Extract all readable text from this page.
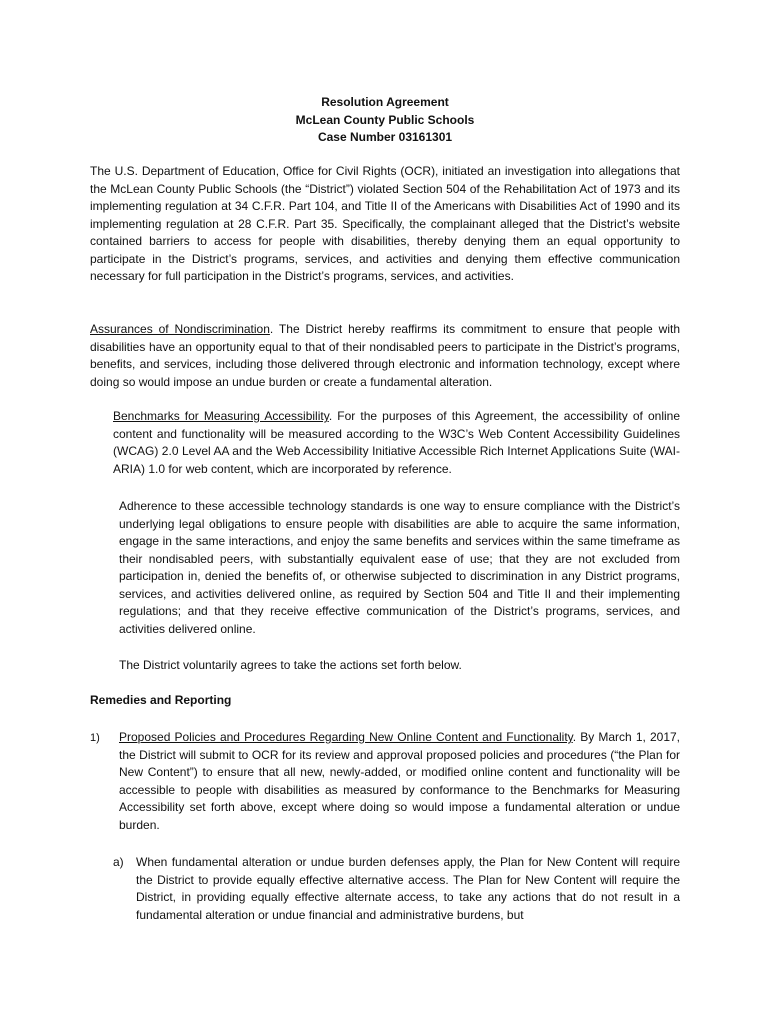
Resolution Agreement
McLean County Public Schools
Case Number 03161301

The U.S. Department of Education, Office for Civil Rights (OCR), initiated an investigation into allegations that the McLean County Public Schools (the “District”) violated Section 504 of the Rehabilitation Act of 1973 and its implementing regulation at 34 C.F.R. Part 104, and Title II of the Americans with Disabilities Act of 1990 and its implementing regulation at 28 C.F.R. Part 35. Specifically, the complainant alleged that the District’s website contained barriers to access for people with disabilities, thereby denying them an equal opportunity to participate in the District’s programs, services, and activities and denying them effective communication necessary for full participation in the District’s programs, services, and activities.

Assurances of Nondiscrimination. The District hereby reaffirms its commitment to ensure that people with disabilities have an opportunity equal to that of their nondisabled peers to participate in the District’s programs, benefits, and services, including those delivered through electronic and information technology, except where doing so would impose an undue burden or create a fundamental alteration.

Benchmarks for Measuring Accessibility. For the purposes of this Agreement, the accessibility of online content and functionality will be measured according to the W3C’s Web Content Accessibility Guidelines (WCAG) 2.0 Level AA and the Web Accessibility Initiative Accessible Rich Internet Applications Suite (WAI-ARIA) 1.0 for web content, which are incorporated by reference.

Adherence to these accessible technology standards is one way to ensure compliance with the District’s underlying legal obligations to ensure people with disabilities are able to acquire the same information, engage in the same interactions, and enjoy the same benefits and services within the same timeframe as their nondisabled peers, with substantially equivalent ease of use; that they are not excluded from participation in, denied the benefits of, or otherwise subjected to discrimination in any District programs, services, and activities delivered online, as required by Section 504 and Title II and their implementing regulations; and that they receive effective communication of the District’s programs, services, and activities delivered online.

The District voluntarily agrees to take the actions set forth below.

Remedies and Reporting

1) Proposed Policies and Procedures Regarding New Online Content and Functionality. By March 1, 2017, the District will submit to OCR for its review and approval proposed policies and procedures (“the Plan for New Content”) to ensure that all new, newly-added, or modified online content and functionality will be accessible to people with disabilities as measured by conformance to the Benchmarks for Measuring Accessibility set forth above, except where doing so would impose a fundamental alteration or undue burden.

a) When fundamental alteration or undue burden defenses apply, the Plan for New Content will require the District to provide equally effective alternative access. The Plan for New Content will require the District, in providing equally effective alternate access, to take any actions that do not result in a fundamental alteration or undue financial and administrative burdens, but
